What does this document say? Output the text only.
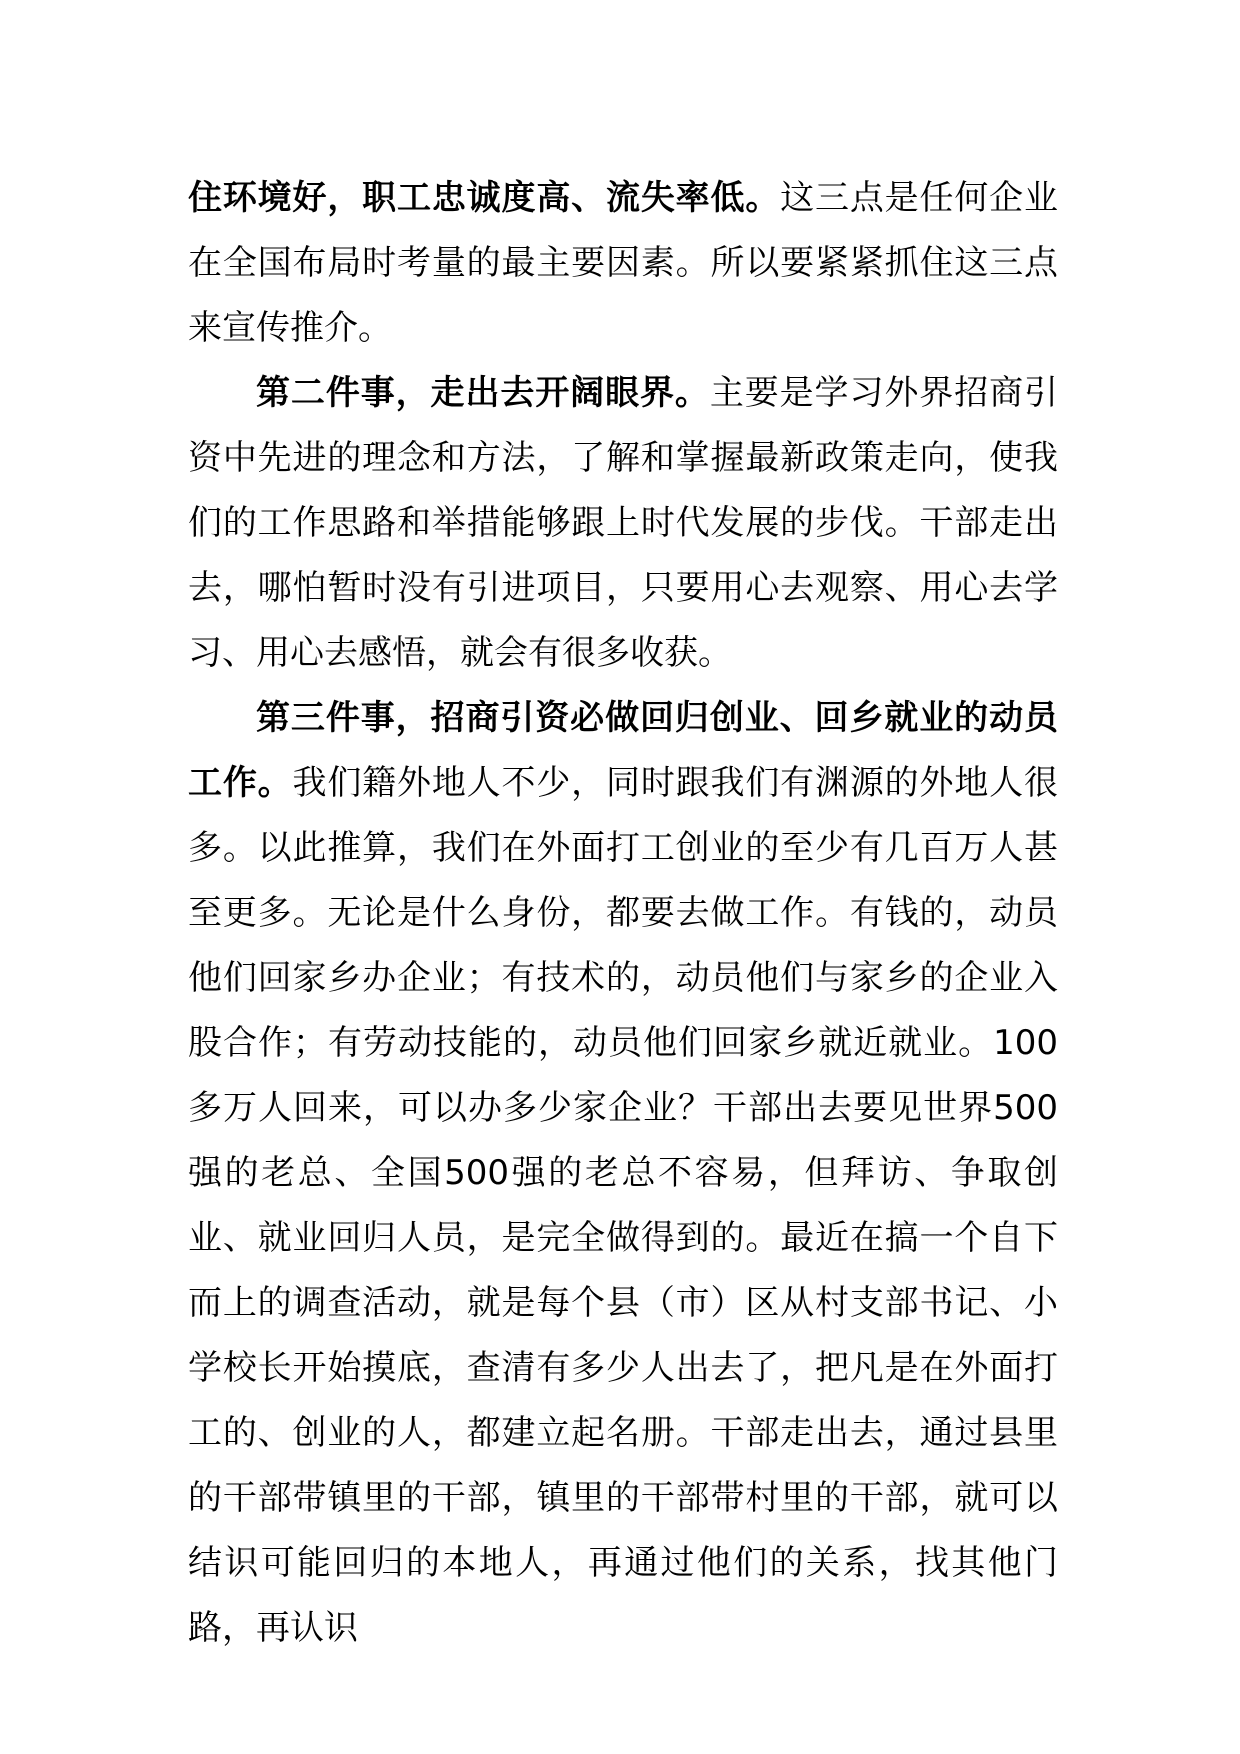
住环境好，职工忠诚度高、流失率低。这三点是任何企业在全国布局时考量的最主要因素。所以要紧紧抓住这三点来宣传推介。

第二件事，走出去开阔眼界。主要是学习外界招商引资中先进的理念和方法，了解和掌握最新政策走向，使我们的工作思路和举措能够跟上时代发展的步伐。干部走出去，哪怕暂时没有引进项目，只要用心去观察、用心去学习、用心去感悟，就会有很多收获。

第三件事，招商引资必做回归创业、回乡就业的动员工作。我们籍外地人不少，同时跟我们有渊源的外地人很多。以此推算，我们在外面打工创业的至少有几百万人甚至更多。无论是什么身份，都要去做工作。有钱的，动员他们回家乡办企业；有技术的，动员他们与家乡的企业入股合作；有劳动技能的，动员他们回家乡就近就业。100多万人回来，可以办多少家企业？干部出去要见世界500强的老总、全国500强的老总不容易，但拜访、争取创业、就业回归人员，是完全做得到的。最近在搞一个自下而上的调查活动，就是每个县（市）区从村支部书记、小学校长开始摸底，查清有多少人出去了，把凡是在外面打工的、创业的人，都建立起名册。干部走出去，通过县里的干部带镇里的干部，镇里的干部带村里的干部，就可以结识可能回归的本地人，再通过他们的关系，找其他门路，再认识
